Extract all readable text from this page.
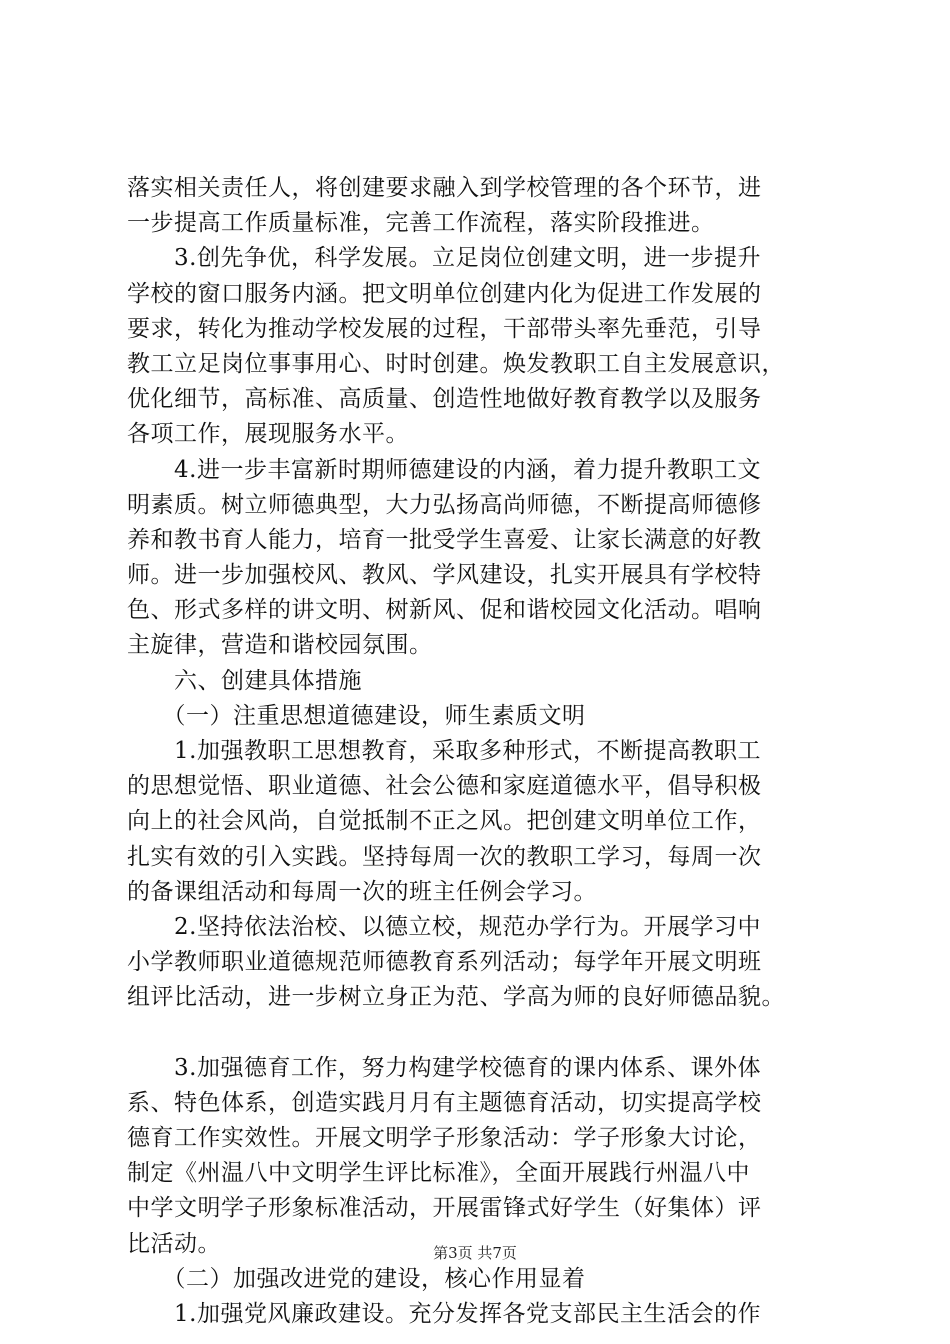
落实相关责任人，将创建要求融入到学校管理的各个环节，进
一步提高工作质量标准，完善工作流程，落实阶段推进。
　　3.创先争优，科学发展。立足岗位创建文明，进一步提升
学校的窗口服务内涵。把文明单位创建内化为促进工作发展的
要求，转化为推动学校发展的过程，干部带头率先垂范，引导
教工立足岗位事事用心、时时创建。焕发教职工自主发展意识，
优化细节，高标准、高质量、创造性地做好教育教学以及服务
各项工作，展现服务水平。
　　4.进一步丰富新时期师德建设的内涵，着力提升教职工文
明素质。树立师德典型，大力弘扬高尚师德，不断提高师德修
养和教书育人能力，培育一批受学生喜爱、让家长满意的好教
师。进一步加强校风、教风、学风建设，扎实开展具有学校特
色、形式多样的讲文明、树新风、促和谐校园文化活动。唱响
主旋律，营造和谐校园氛围。
　　六、创建具体措施
　　（一）注重思想道德建设，师生素质文明
　　1.加强教职工思想教育，采取多种形式，不断提高教职工
的思想觉悟、职业道德、社会公德和家庭道德水平，倡导积极
向上的社会风尚，自觉抵制不正之风。把创建文明单位工作，
扎实有效的引入实践。坚持每周一次的教职工学习，每周一次
的备课组活动和每周一次的班主任例会学习。
　　2.坚持依法治校、以德立校，规范办学行为。开展学习中
小学教师职业道德规范师德教育系列活动；每学年开展文明班
组评比活动，进一步树立身正为范、学高为师的良好师德品貌。
　　3.加强德育工作，努力构建学校德育的课内体系、课外体
系、特色体系，创造实践月月有主题德育活动，切实提高学校
德育工作实效性。开展文明学子形象活动：学子形象大讨论，
制定《州温八中文明学生评比标准》，全面开展践行州温八中
中学文明学子形象标准活动，开展雷锋式好学生（好集体）评
比活动。
　　（二）加强改进党的建设，核心作用显着
　　1.加强党风廉政建设。充分发挥各党支部民主生活会的作
第3页 共7页
